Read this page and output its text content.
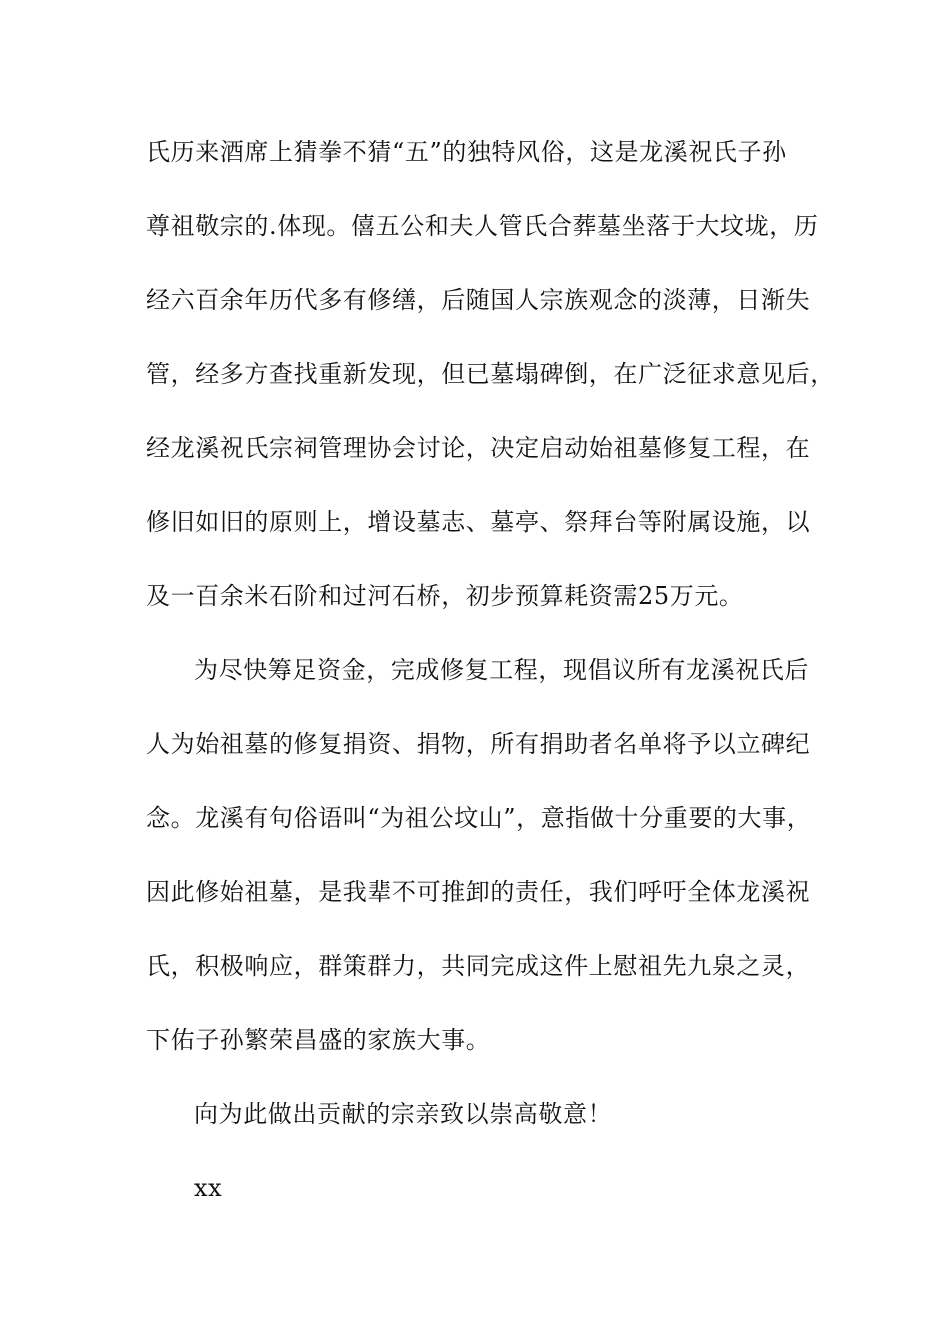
氏历来酒席上猜拳不猜“五”的独特风俗，这是龙溪祝氏子孙
尊祖敬宗的.体现。僖五公和夫人管氏合葬墓坐落于大坟垅，历
经六百余年历代多有修缮，后随国人宗族观念的淡薄，日渐失
管，经多方查找重新发现，但已墓塌碑倒，在广泛征求意见后，
经龙溪祝氏宗祠管理协会讨论，决定启动始祖墓修复工程，在
修旧如旧的原则上，增设墓志、墓亭、祭拜台等附属设施，以
及一百余米石阶和过河石桥，初步预算耗资需25万元。
为尽快筹足资金，完成修复工程，现倡议所有龙溪祝氏后
人为始祖墓的修复捐资、捐物，所有捐助者名单将予以立碑纪
念。龙溪有句俗语叫“为祖公坟山”，意指做十分重要的大事，
因此修始祖墓，是我辈不可推卸的责任，我们呼吁全体龙溪祝
氏，积极响应，群策群力，共同完成这件上慰祖先九泉之灵，
下佑子孙繁荣昌盛的家族大事。
向为此做出贡献的宗亲致以崇高敬意！
xx
